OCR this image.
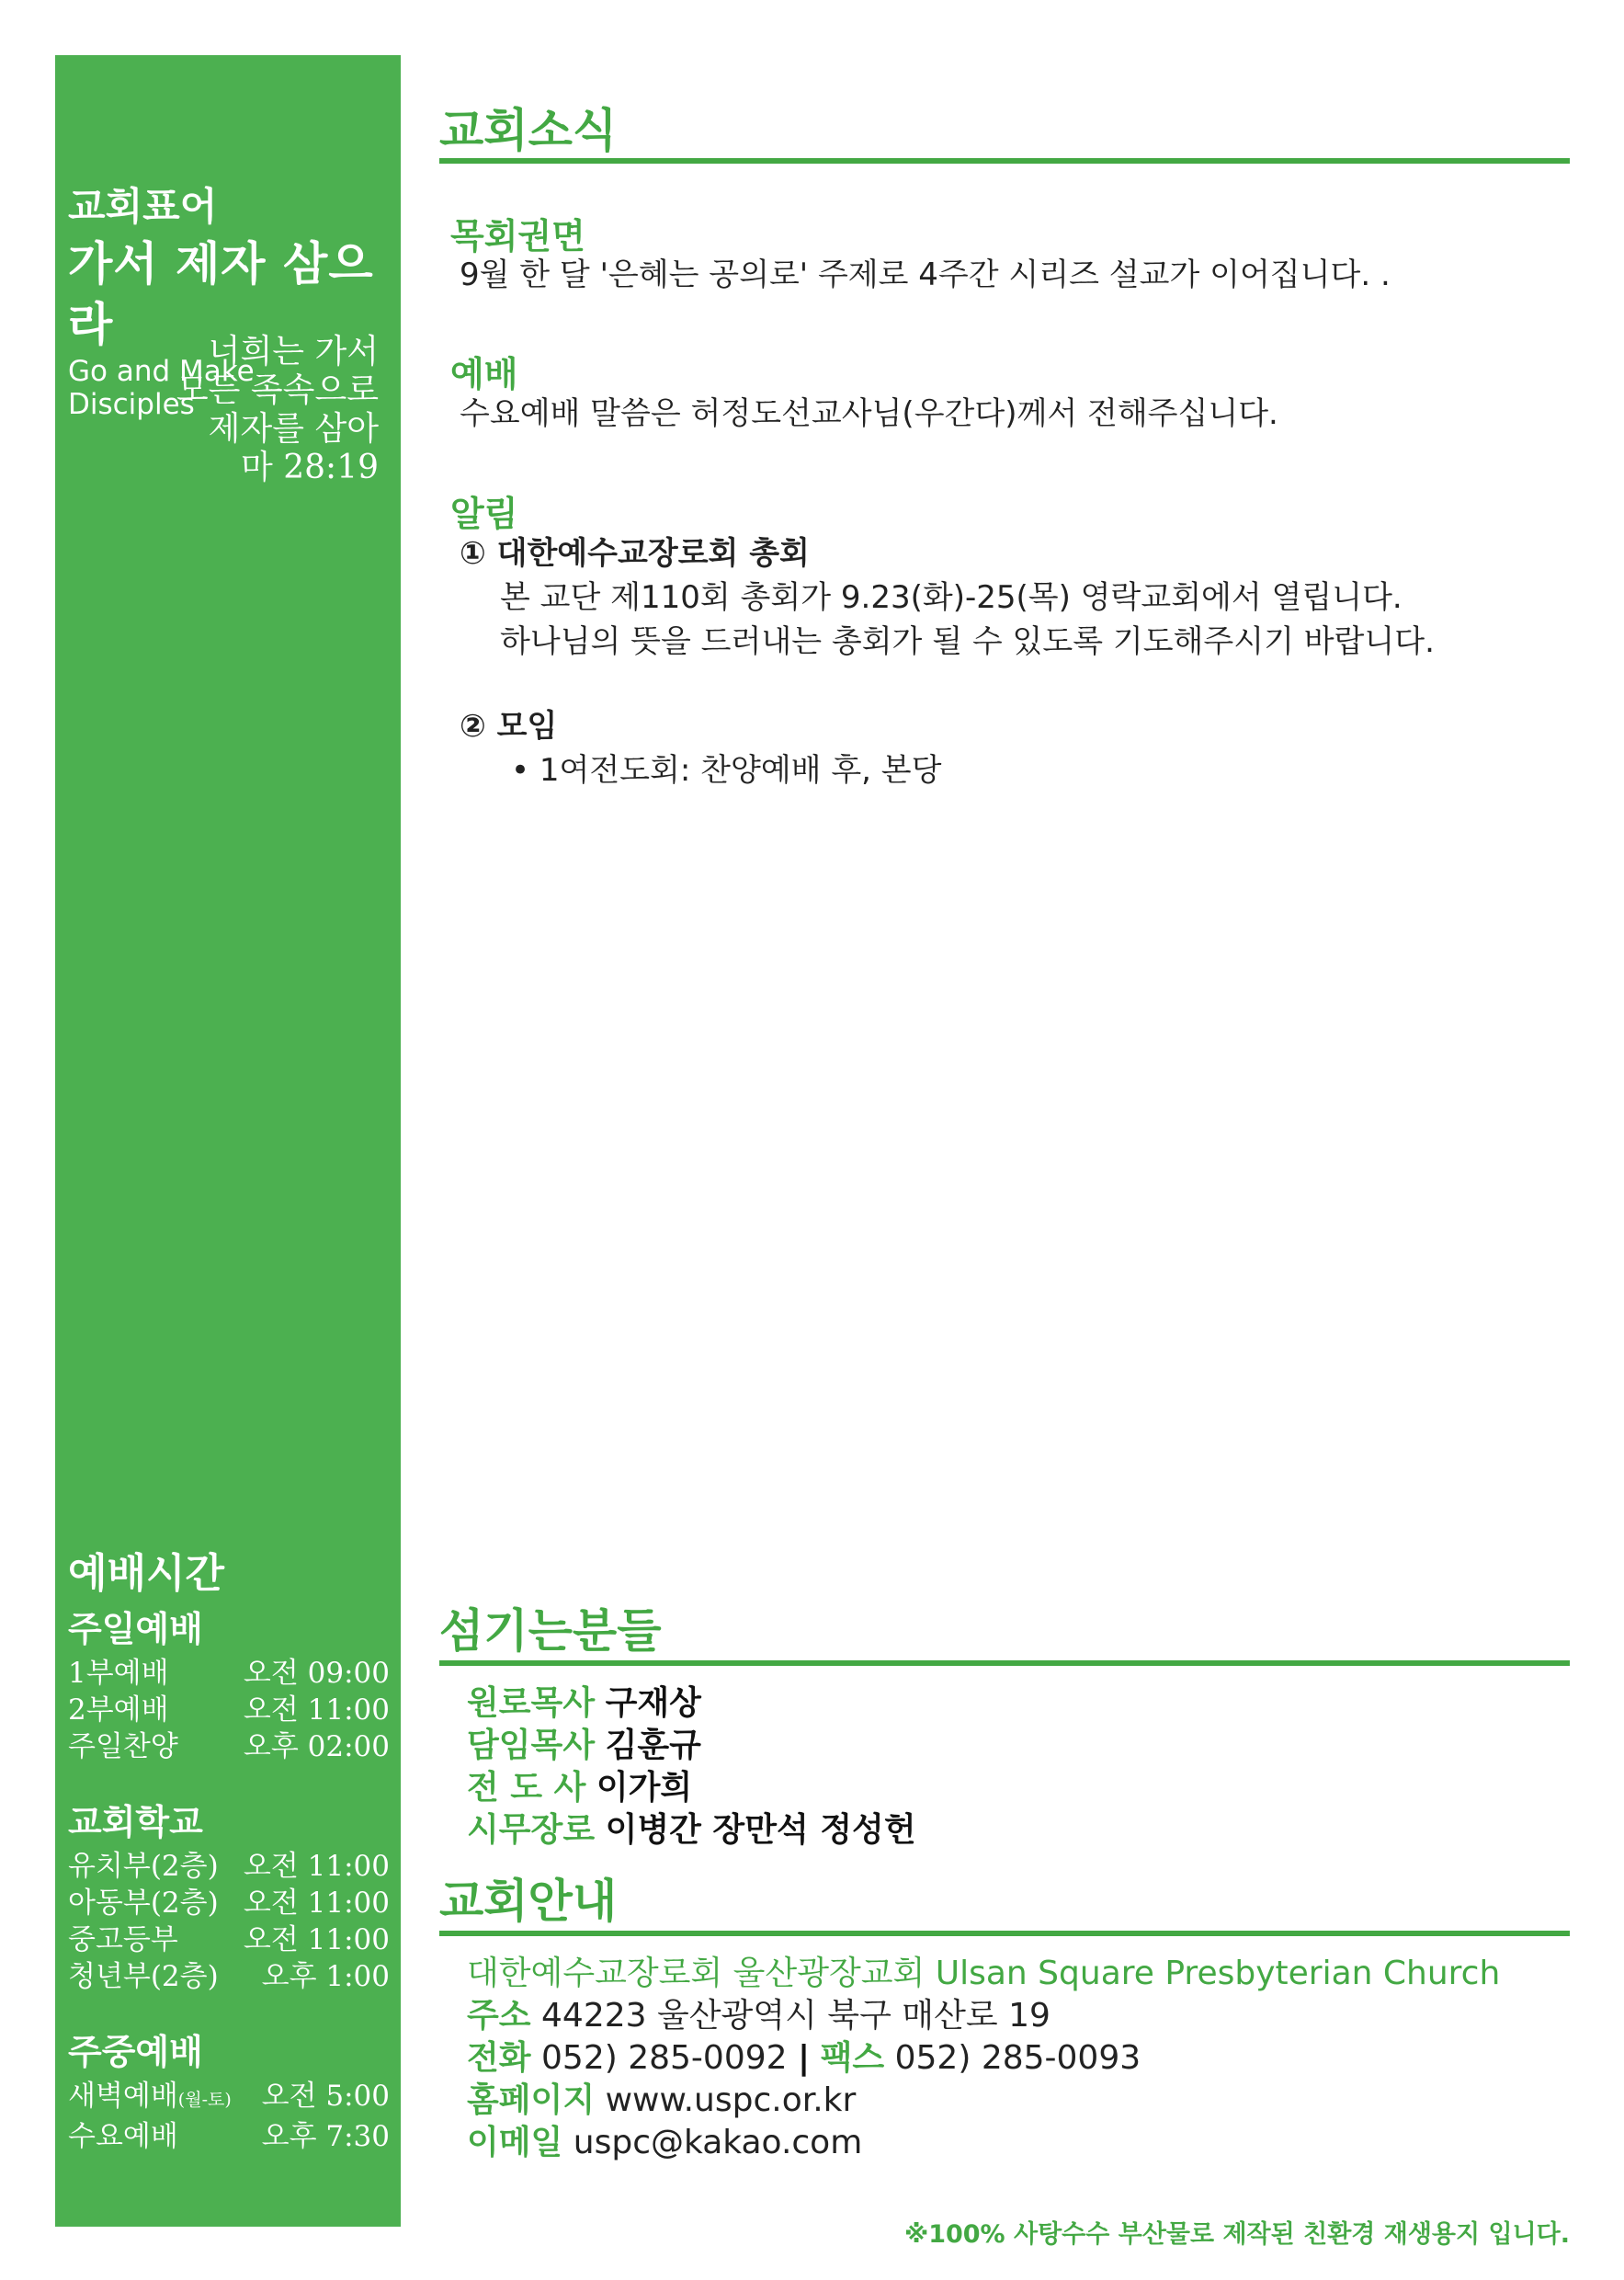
교회표어
가서 제자 삼으라
Go and Make Disciples
너희는 가서
모든 족속으로
제자를 삼아
마 28:19
예배시간
주일예배
1부예배	오전 09:00
2부예배	오전 11:00
주일찬양 오후 02:00
교회학교
유치부(2층) 오전 11:00
아동부(2층) 오전 11:00
중고등부 오전 11:00
청년부(2층) 오후 1:00
주중예배
새벽예배(월-토) 오전 5:00
수요예배	오후 7:30
교회소식
목회권면
9월 한 달 '은혜는 공의로' 주제로 4주간 시리즈 설교가 이어집니다. .
예배
수요예배 말씀은 허정도선교사님(우간다)께서 전해주십니다.
알림
① 대한예수교장로회 총회
본 교단 제110회 총회가 9.23(화)-25(목) 영락교회에서 열립니다.
하나님의 뜻을 드러내는 총회가 될 수 있도록 기도해주시기 바랍니다.
② 모임
• 1여전도회: 찬양예배 후, 본당
섬기는분들
원로목사 구재상
담임목사 김훈규
전 도 사 이가희
시무장로 이병간 장만석 정성헌
교회안내
대한예수교장로회 울산광장교회 Ulsan Square Presbyterian Church
주소 44223 울산광역시 북구 매산로 19
전화 052) 285-0092 | 팩스 052) 285-0093
홈페이지 www.uspc.or.kr
이메일 uspc@kakao.com
※100% 사탕수수 부산물로 제작된 친환경 재생용지 입니다.
